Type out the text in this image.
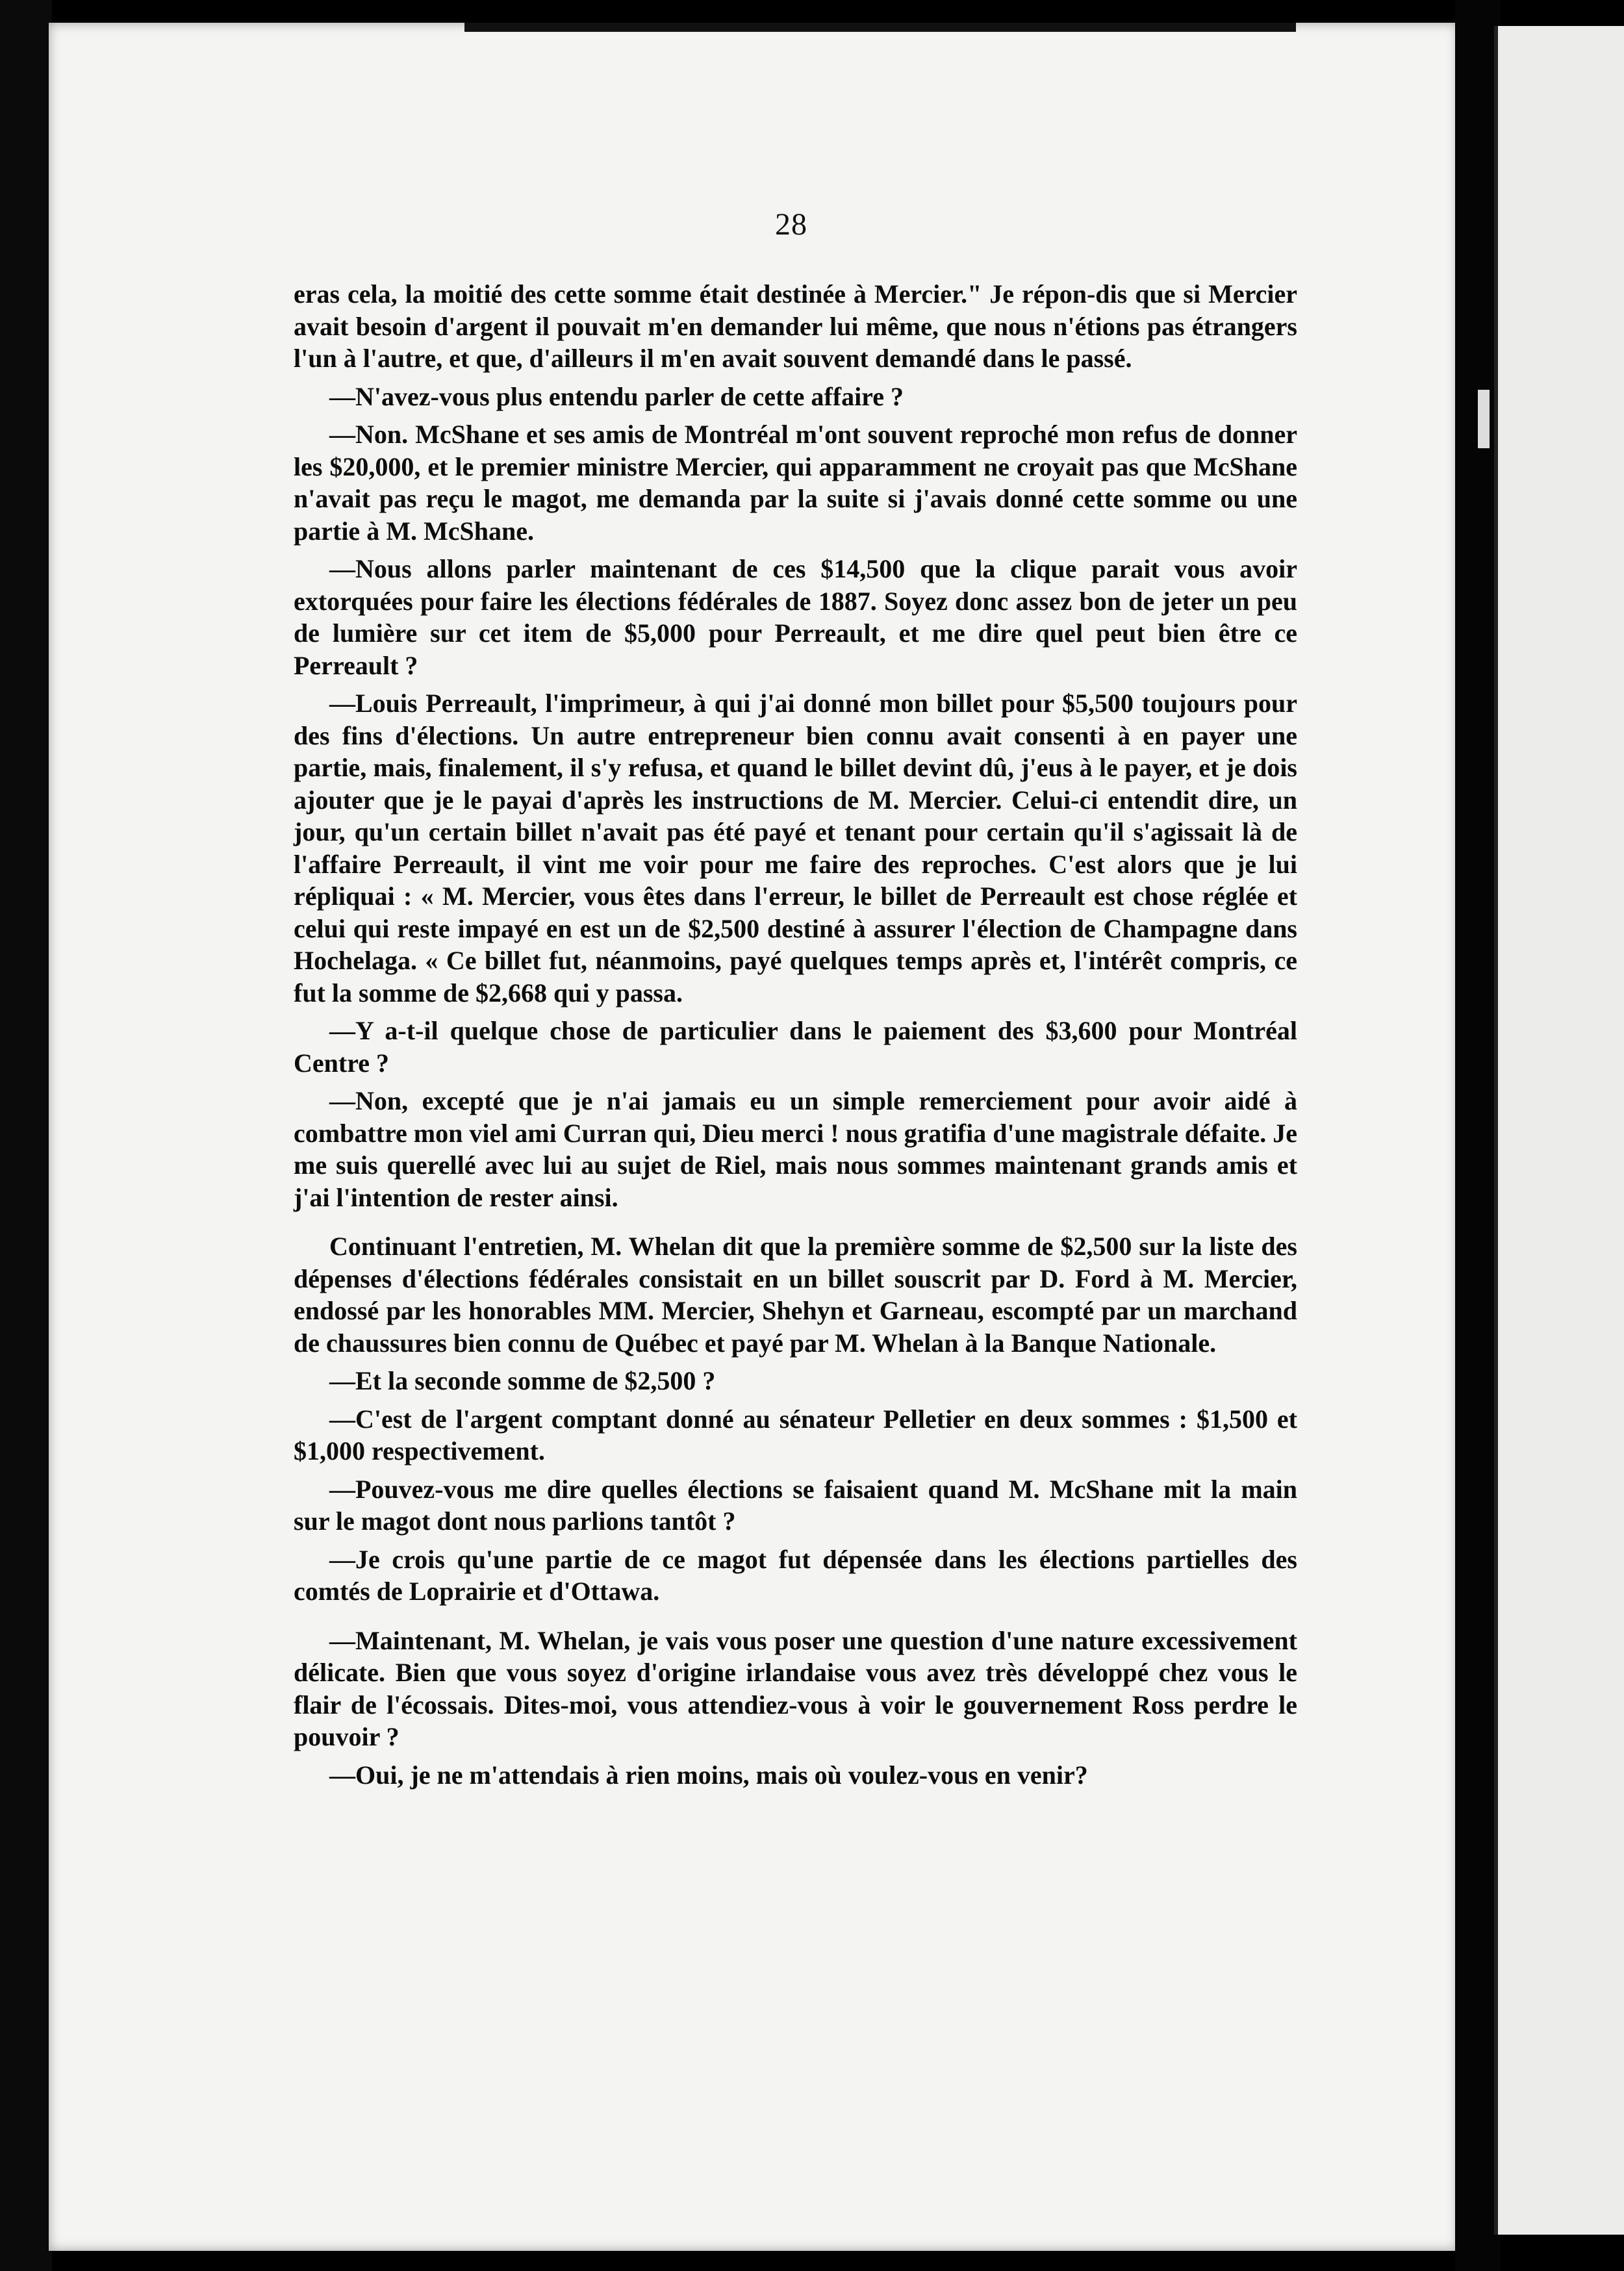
28

eras cela, la moitié des cette somme était destinée à Mercier." Je répon-dis que si Mercier avait besoin d'argent il pouvait m'en demander lui même, que nous n'étions pas étrangers l'un à l'autre, et que, d'ailleurs il m'en avait souvent demandé dans le passé.

—N'avez-vous plus entendu parler de cette affaire ?

—Non. McShane et ses amis de Montréal m'ont souvent reproché mon refus de donner les $20,000, et le premier ministre Mercier, qui apparamment ne croyait pas que McShane n'avait pas reçu le magot, me demanda par la suite si j'avais donné cette somme ou une partie à M. McShane.

—Nous allons parler maintenant de ces $14,500 que la clique parait vous avoir extorquées pour faire les élections fédérales de 1887. Soyez donc assez bon de jeter un peu de lumière sur cet item de $5,000 pour Perreault, et me dire quel peut bien être ce Perreault ?

—Louis Perreault, l'imprimeur, à qui j'ai donné mon billet pour $5,500 toujours pour des fins d'élections. Un autre entrepreneur bien connu avait consenti à en payer une partie, mais, finalement, il s'y refusa, et quand le billet devint dû, j'eus à le payer, et je dois ajouter que je le payai d'après les instructions de M. Mercier. Celui-ci entendit dire, un jour, qu'un certain billet n'avait pas été payé et tenant pour certain qu'il s'agissait là de l'affaire Perreault, il vint me voir pour me faire des reproches. C'est alors que je lui répliquai : « M. Mercier, vous êtes dans l'erreur, le billet de Perreault est chose réglée et celui qui reste impayé en est un de $2,500 destiné à assurer l'élection de Champagne dans Hochelaga. « Ce billet fut, néanmoins, payé quelques temps après et, l'intérêt compris, ce fut la somme de $2,668 qui y passa.

—Y a-t-il quelque chose de particulier dans le paiement des $3,600 pour Montréal Centre ?

—Non, excepté que je n'ai jamais eu un simple remerciement pour avoir aidé à combattre mon viel ami Curran qui, Dieu merci ! nous gratifia d'une magistrale défaite. Je me suis querellé avec lui au sujet de Riel, mais nous sommes maintenant grands amis et j'ai l'intention de rester ainsi.

Continuant l'entretien, M. Whelan dit que la première somme de $2,500 sur la liste des dépenses d'élections fédérales consistait en un billet souscrit par D. Ford à M. Mercier, endossé par les honorables MM. Mercier, Shehyn et Garneau, escompté par un marchand de chaussures bien connu de Québec et payé par M. Whelan à la Banque Nationale.

—Et la seconde somme de $2,500 ?

—C'est de l'argent comptant donné au sénateur Pelletier en deux sommes : $1,500 et $1,000 respectivement.

—Pouvez-vous me dire quelles élections se faisaient quand M. McShane mit la main sur le magot dont nous parlions tantôt ?

—Je crois qu'une partie de ce magot fut dépensée dans les élections partielles des comtés de Loprairie et d'Ottawa.

—Maintenant, M. Whelan, je vais vous poser une question d'une nature excessivement délicate. Bien que vous soyez d'origine irlandaise vous avez très développé chez vous le flair de l'écossais. Dites-moi, vous attendiez-vous à voir le gouvernement Ross perdre le pouvoir ?

—Oui, je ne m'attendais à rien moins, mais où voulez-vous en venir?
